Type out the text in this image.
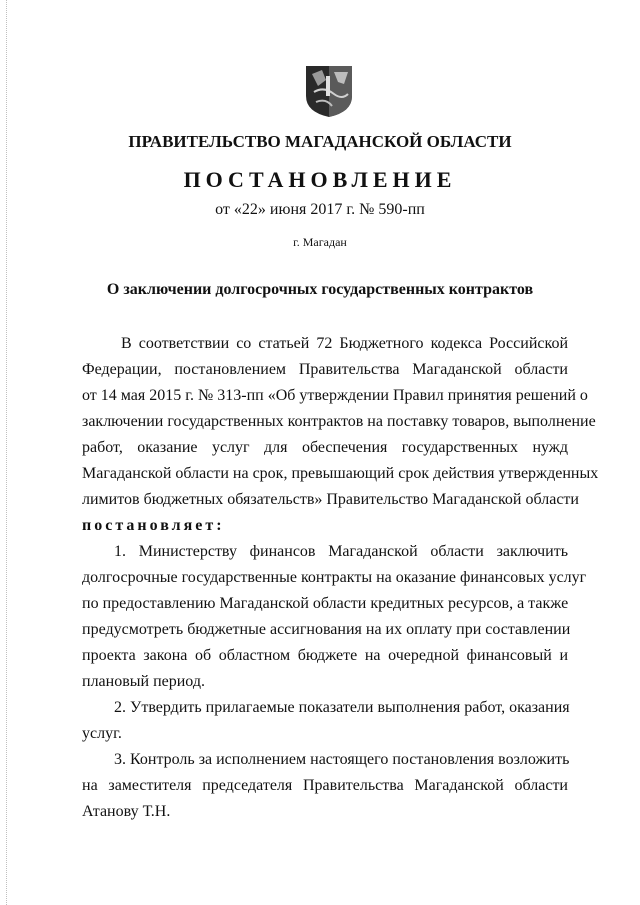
ПРАВИТЕЛЬСТВО МАГАДАНСКОЙ ОБЛАСТИ
ПОСТАНОВЛЕНИЕ
от «22» июня 2017 г. № 590-пп
г. Магадан
О заключении долгосрочных государственных контрактов
В соответствии со статьей 72 Бюджетного кодекса Российской
Федерации, постановлением Правительства Магаданской области
от 14 мая 2015 г. № 313-пп «Об утверждении Правил принятия решений о
заключении государственных контрактов на поставку товаров, выполнение
работ, оказание услуг для обеспечения государственных нужд
Магаданской области на срок, превышающий срок действия утвержденных
лимитов бюджетных обязательств» Правительство Магаданской области
постановляет:
1. Министерству финансов Магаданской области заключить
долгосрочные государственные контракты на оказание финансовых услуг
по предоставлению Магаданской области кредитных ресурсов, а также
предусмотреть бюджетные ассигнования на их оплату при составлении
проекта закона об областном бюджете на очередной финансовый и
плановый период.
2. Утвердить прилагаемые показатели выполнения работ, оказания
услуг.
3. Контроль за исполнением настоящего постановления возложить
на заместителя председателя Правительства Магаданской области
Атанову Т.Н.
